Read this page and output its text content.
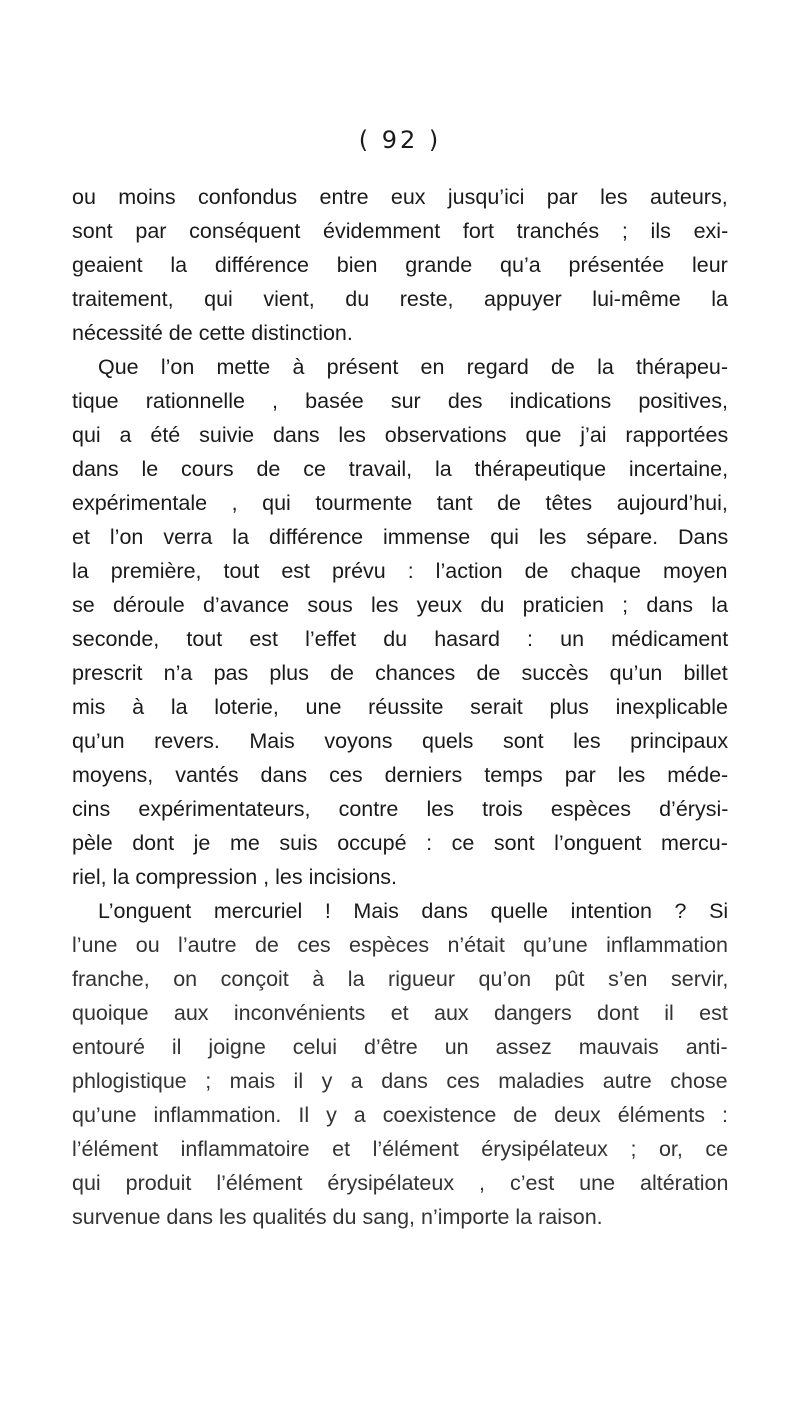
( 92 )
ou moins confondus entre eux jusqu’ici par les auteurs,
sont par conséquent évidemment fort tranchés ; ils exi-
geaient la différence bien grande qu’a présentée leur
traitement, qui vient, du reste, appuyer lui-même la
nécessité de cette distinction.
Que l’on mette à présent en regard de la thérapeu-
tique rationnelle , basée sur des indications positives,
qui a été suivie dans les observations que j’ai rapportées
dans le cours de ce travail, la thérapeutique incertaine,
expérimentale , qui tourmente tant de têtes aujourd’hui,
et l’on verra la différence immense qui les sépare. Dans
la première, tout est prévu : l’action de chaque moyen
se déroule d’avance sous les yeux du praticien ; dans la
seconde, tout est l’effet du hasard : un médicament
prescrit n’a pas plus de chances de succès qu’un billet
mis à la loterie, une réussite serait plus inexplicable
qu’un revers. Mais voyons quels sont les principaux
moyens, vantés dans ces derniers temps par les méde-
cins expérimentateurs, contre les trois espèces d’érysi-
pèle dont je me suis occupé : ce sont l’onguent mercu-
riel, la compression , les incisions.
L’onguent mercuriel ! Mais dans quelle intention ? Si
l’une ou l’autre de ces espèces n’était qu’une inflammation
franche, on conçoit à la rigueur qu’on pût s’en servir,
quoique aux inconvénients et aux dangers dont il est
entouré il joigne celui d’être un assez mauvais anti-
phlogistique ; mais il y a dans ces maladies autre chose
qu’une inflammation. Il y a coexistence de deux éléments :
l’élément inflammatoire et l’élément érysipélateux ; or, ce
qui produit l’élément érysipélateux , c’est une altération
survenue dans les qualités du sang, n’importe la raison.
